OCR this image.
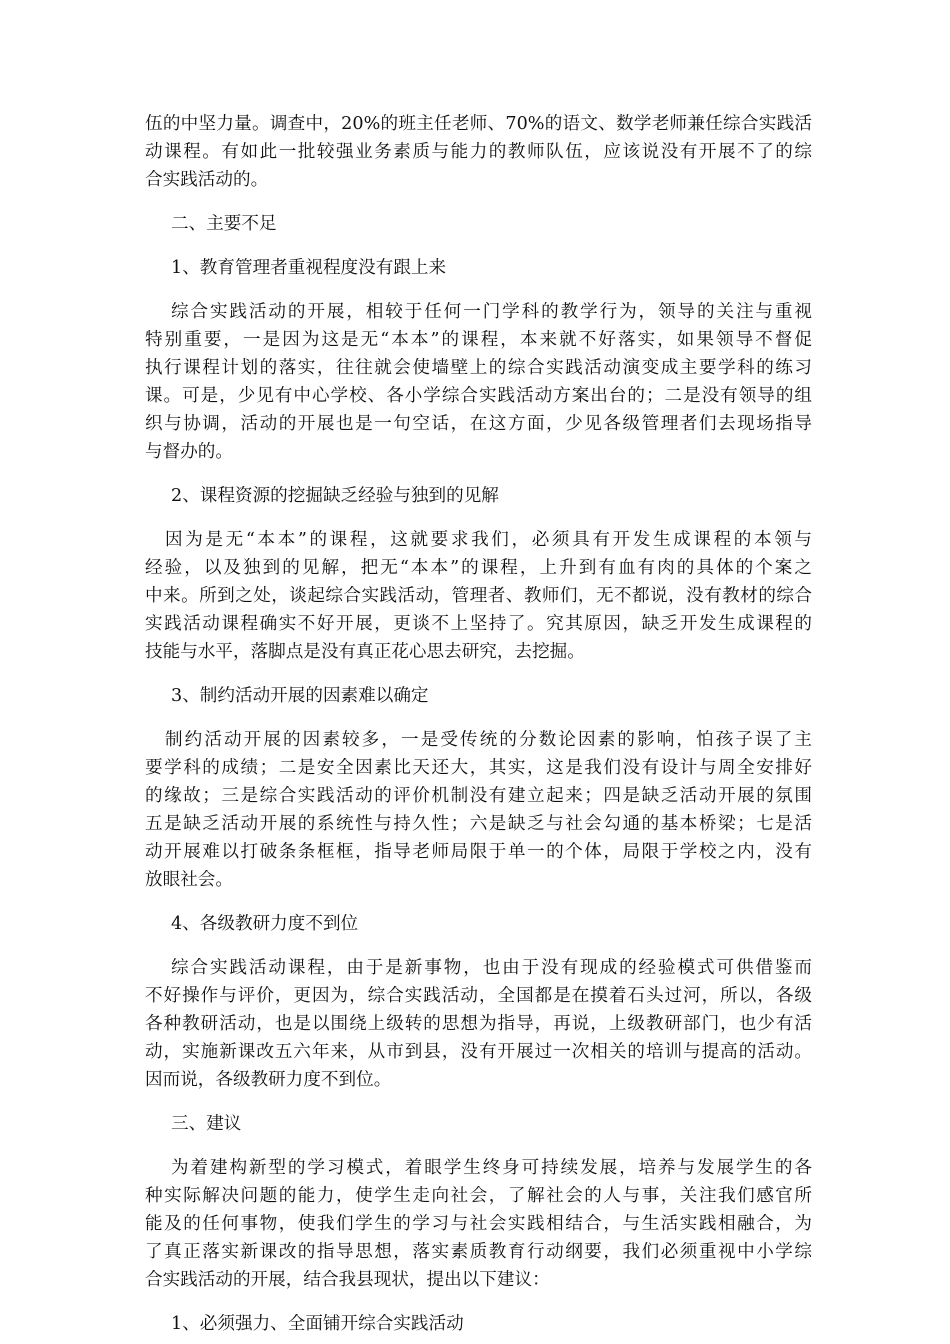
伍的中坚力量。调查中，20%的班主任老师、70%的语文、数学老师兼任综合实践活
动课程。有如此一批较强业务素质与能力的教师队伍，应该说没有开展不了的综
合实践活动的。
二、主要不足
1、教育管理者重视程度没有跟上来
综合实践活动的开展，相较于任何一门学科的教学行为，领导的关注与重视
特别重要，一是因为这是无“本本”的课程，本来就不好落实，如果领导不督促
执行课程计划的落实，往往就会使墙壁上的综合实践活动演变成主要学科的练习
课。可是，少见有中心学校、各小学综合实践活动方案出台的；二是没有领导的组
织与协调，活动的开展也是一句空话，在这方面，少见各级管理者们去现场指导
与督办的。
2、课程资源的挖掘缺乏经验与独到的见解
因为是无“本本”的课程，这就要求我们，必须具有开发生成课程的本领与
经验，以及独到的见解，把无“本本”的课程，上升到有血有肉的具体的个案之
中来。所到之处，谈起综合实践活动，管理者、教师们，无不都说，没有教材的综合
实践活动课程确实不好开展，更谈不上坚持了。究其原因，缺乏开发生成课程的
技能与水平，落脚点是没有真正花心思去研究，去挖掘。
3、制约活动开展的因素难以确定
制约活动开展的因素较多，一是受传统的分数论因素的影响，怕孩子误了主
要学科的成绩；二是安全因素比天还大，其实，这是我们没有设计与周全安排好
的缘故；三是综合实践活动的评价机制没有建立起来；四是缺乏活动开展的氛围
五是缺乏活动开展的系统性与持久性；六是缺乏与社会勾通的基本桥梁；七是活
动开展难以打破条条框框，指导老师局限于单一的个体，局限于学校之内，没有
放眼社会。
4、各级教研力度不到位
综合实践活动课程，由于是新事物，也由于没有现成的经验模式可供借鉴而
不好操作与评价，更因为，综合实践活动，全国都是在摸着石头过河，所以，各级
各种教研活动，也是以围绕上级转的思想为指导，再说，上级教研部门，也少有活
动，实施新课改五六年来，从市到县，没有开展过一次相关的培训与提高的活动。
因而说，各级教研力度不到位。
三、建议
为着建构新型的学习模式，着眼学生终身可持续发展，培养与发展学生的各
种实际解决问题的能力，使学生走向社会，了解社会的人与事，关注我们感官所
能及的任何事物，使我们学生的学习与社会实践相结合，与生活实践相融合，为
了真正落实新课改的指导思想，落实素质教育行动纲要，我们必须重视中小学综
合实践活动的开展，结合我县现状，提出以下建议：
1、必须强力、全面铺开综合实践活动
